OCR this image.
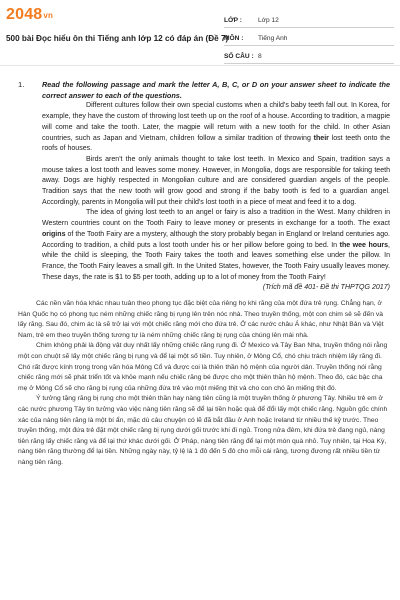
2048vn
500 bài Đọc hiểu ôn thi Tiếng anh lớp 12 có đáp án (Đề 7)
LỚP :	Lớp 12
MÔN :	Tiếng Anh
SỐ CÂU : 8
1. Read the following passage and mark the letter A, B, C, or D on your answer sheet to indicate the correct answer to each of the questions.

Different cultures follow their own special customs when a child's baby teeth fall out. In Korea, for example, they have the custom of throwing lost teeth up on the roof of a house. According to tradition, a magpie will come and take the tooth. Later, the magpie will return with a new tooth for the child. In other Asian countries, such as Japan and Vietnam, children follow a similar tradition of throwing their lost teeth onto the roofs of houses.

Birds aren't the only animals thought to take lost teeth. In Mexico and Spain, tradition says a mouse takes a lost tooth and leaves some money. However, in Mongolia, dogs are responsible for taking teeth away. Dogs are highly respected in Mongolian culture and are considered guardian angels of the people. Tradition says that the new tooth will grow good and strong if the baby tooth is fed to a guardian angel. Accordingly, parents in Mongolia will put their child's lost tooth in a piece of meat and feed it to a dog.

The idea of giving lost teeth to an angel or fairy is also a tradition in the West. Many children in Western countries count on the Tooth Fairy to leave money or presents in exchange for a tooth. The exact origins of the Tooth Fairy are a mystery, although the story probably began in England or Ireland centuries ago. According to tradition, a child puts a lost tooth under his or her pillow before going to bed. In the wee hours, while the child is sleeping, the Tooth Fairy takes the tooth and leaves something else under the pillow. In France, the Tooth Fairy leaves a small gift. In the United States, however, the Tooth Fairy usually leaves money. These days, the rate is $1 to $5 per tooth, adding up to a lot of money from the Tooth Fairy!

(Trích mã đề 401- Đề thi THPTQG 2017)

Các nền văn hóa khác nhau tuân theo phong tục đặc biệt của riêng họ khi răng của một đứa trẻ rụng. Chẳng hạn, ở Hàn Quốc họ có phong tục ném những chiếc răng bị rụng lên trên nóc nhà. Theo truyền thống, một con chim sẻ sẽ đến và lấy răng. Sau đó, chim ác là sẽ trở lại với một chiếc răng mới cho đứa trẻ. Ở các nước châu Á khác, như Nhật Bản và Việt Nam, trẻ em theo truyền thống tương tự là ném những chiếc răng bị rụng của chúng lên mái nhà.

Chim không phải là động vật duy nhất lấy những chiếc răng rụng đi. Ở Mexico và Tây Ban Nha, truyền thống nói rằng một con chuột sẽ lấy một chiếc răng bị rụng và để lại một số tiền. Tuy nhiên, ở Mông Cổ, chó chịu trách nhiệm lấy răng đi. Chó rất được kính trọng trong văn hóa Mông Cổ và được coi là thiên thần hộ mệnh của người dân. Truyền thống nói rằng chiếc răng mới sẽ phát triển tốt và khỏe mạnh nếu chiếc răng bé được cho một thiên thần hộ mệnh. Theo đó, các bậc cha mẹ ở Mông Cổ sẽ cho răng bị rụng của những đứa trẻ vào một miếng thịt và cho con chó ăn miếng thịt đó.

Ý tưởng tặng răng bị rụng cho một thiên thần hay nàng tiên cũng là một truyền thống ở phương Tây. Nhiều trẻ em ở các nước phương Tây tin tưởng vào việc nàng tiên răng sẽ để lại tiền hoặc quà để đổi lấy một chiếc răng. Nguồn gốc chính xác của nàng tiên răng là một bí ẩn, mặc dù câu chuyện có lẽ đã bắt đầu ở Anh hoặc Ireland từ nhiều thế kỷ trước. Theo truyền thống, một đứa trẻ đặt một chiếc răng bị rụng dưới gối trước khi đi ngủ. Trong nửa đêm, khi đứa trẻ đang ngủ, nàng tiên răng lấy chiếc răng và để lại thứ khác dưới gối. Ở Pháp, nàng tiên răng để lại một món quà nhỏ. Tuy nhiên, tại Hoa Kỳ, nàng tiên răng thường để lại tiền. Những ngày này, tỷ lệ là 1 đô đến 5 đô cho mỗi cái răng, tương đương rất nhiều tiền từ nàng tiên răng.
